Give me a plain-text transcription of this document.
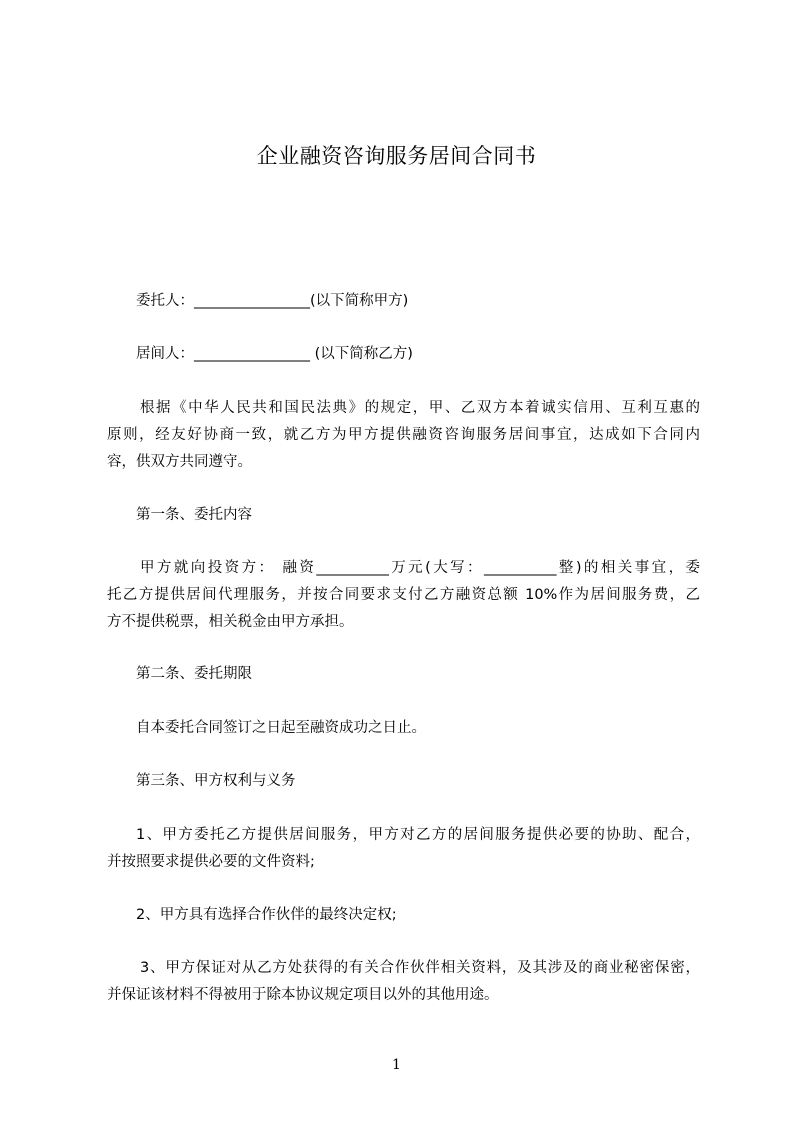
企业融资咨询服务居间合同书
委托人：________________(以下简称甲方)
居间人：________________ (以下简称乙方)
根据《中华人民共和国民法典》的规定，甲、乙双方本着诚实信用、互利互惠的
原则，经友好协商一致，就乙方为甲方提供融资咨询服务居间事宜，达成如下合同内
容，供双方共同遵守。
第一条、委托内容
甲方就向投资方： 融资__________万元(大写：__________整)的相关事宜，委
托乙方提供居间代理服务，并按合同要求支付乙方融资总额 10%作为居间服务费，乙
方不提供税票，相关税金由甲方承担。
第二条、委托期限
自本委托合同签订之日起至融资成功之日止。
第三条、甲方权利与义务
1、甲方委托乙方提供居间服务，甲方对乙方的居间服务提供必要的协助、配合，
并按照要求提供必要的文件资料;
2、甲方具有选择合作伙伴的最终决定权;
3、甲方保证对从乙方处获得的有关合作伙伴相关资料，及其涉及的商业秘密保密，
并保证该材料不得被用于除本协议规定项目以外的其他用途。
1
